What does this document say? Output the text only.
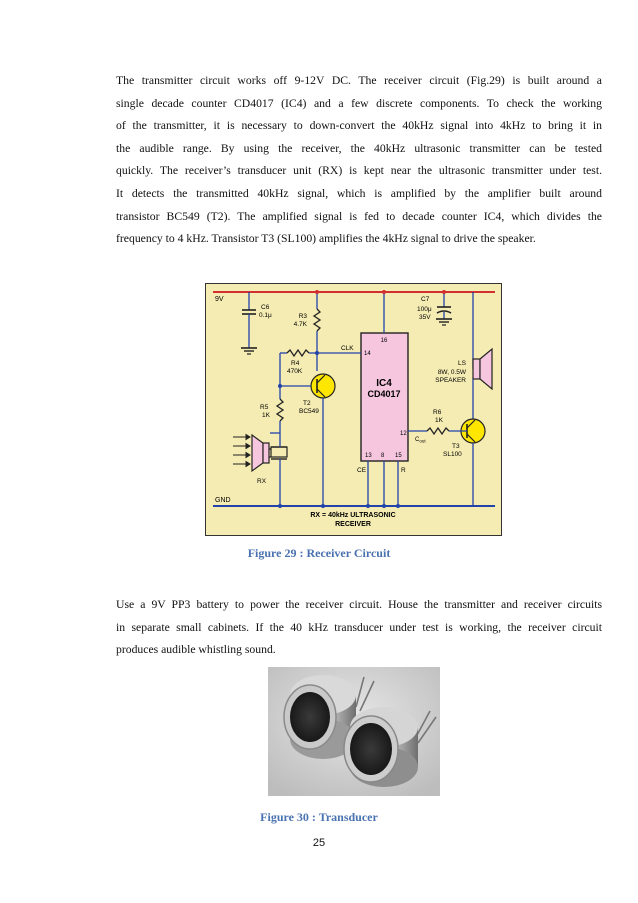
The transmitter circuit works off 9-12V DC. The receiver circuit (Fig.29) is built around a
single decade counter CD4017 (IC4) and a few discrete components. To check the working
of the transmitter, it is necessary to down-convert the 40kHz signal into 4kHz to bring it in
the audible range. By using the receiver, the 40kHz ultrasonic transmitter can be tested
quickly. The receiver’s transducer unit (RX) is kept near the ultrasonic transmitter under test.
It detects the transmitted 40kHz signal, which is amplified by the amplifier built around
transistor BC549 (T2). The amplified signal is fed to decade counter IC4, which divides the
frequency to 4 kHz. Transistor T3 (SL100) amplifies the 4kHz signal to drive the speaker.
9V
GND
C6
0.1μ	R3
4.7K
16
14
IC4
CD4017
12
13 8 15
CE	R
CLK
C7
100μ
35V
LS
8W, 0.5W
SPEAKER
T3
SL100
R6
1K
$C_{out}$
T2
BC549
R4
470K
R5
1K
RX
RX = 40kHz ULTRASONIC
RECEIVER
Figure 29 : Receiver Circuit
Use a 9V PP3 battery to power the receiver circuit. House the transmitter and receiver circuits
in separate small cabinets. If the 40 kHz transducer under test is working, the receiver circuit
produces audible whistling sound.
Figure 30 : Transducer
25
